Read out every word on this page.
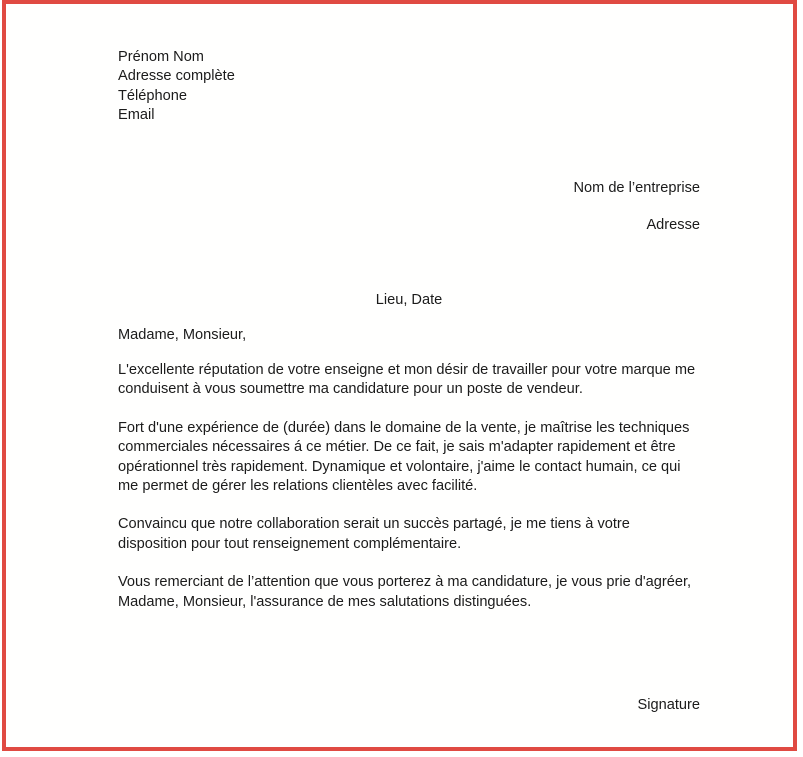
Prénom Nom
Adresse complète
Téléphone
Email
Nom de l’entreprise
Adresse
Lieu, Date
Madame, Monsieur,

L'excellente réputation de votre enseigne et mon désir de travailler pour votre marque me conduisent à vous soumettre ma candidature pour un poste de vendeur.

Fort d'une expérience de (durée) dans le domaine de la vente, je maîtrise les techniques commerciales nécessaires á ce métier. De ce fait, je sais m'adapter rapidement et être opérationnel très rapidement. Dynamique et volontaire, j'aime le contact humain, ce qui me permet de gérer les relations clientèles avec facilité.

Convaincu que notre collaboration serait un succès partagé, je me tiens à votre disposition pour tout renseignement complémentaire.

Vous remerciant de l’attention que vous porterez à ma candidature, je vous prie d'agréer, Madame, Monsieur, l'assurance de mes salutations distinguées.

Signature
